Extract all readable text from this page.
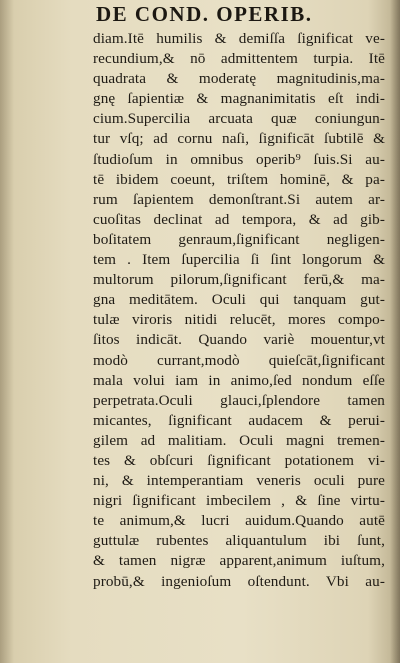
DE COND. OPERIB.
diam.Itē humilis & demiſſa ſignificat ve-
recundium,& nō admittentem turpia. Itē
quadrata & moderatę magnitudinis,ma-
gnę ſapientiæ & magnanimitatis eſt indi-
cium.Supercilia arcuata quæ coniungun-
tur vſq; ad cornu naſi, ſignificāt ſubtilē &
ſtudioſum in omnibus operib⁹ ſuis.Si au-
tē ibidem coeunt, triſtem hominē, & pa-
rum ſapientem demonſtrant.Si autem ar-
cuoſitas declinat ad tempora, & ad gib-
boſitatem genraum,ſignificant negligen-
tem . Item ſupercilia ſi ſint longorum &
multorum pilorum,ſignificant ferū,& ma-
gna meditātem. Oculi qui tanquam gut-
tulæ viroris nitidi relucēt, mores compo-
ſitos indicāt. Quando variè mouentur,vt
modò currant,modò quieſcāt,ſignificant
mala volui iam in animo,ſed nondum eſſe
perpetrata.Oculi glauci,ſplendore tamen
micantes, ſignificant audacem & perui-
gilem ad malitiam. Oculi magni tremen-
tes & obſcuri ſignificant potationem vi-
ni, & intemperantiam veneris oculi pure
nigri ſignificant imbecilem , & ſine virtu-
te animum,& lucri auidum.Quando autē
guttulæ rubentes aliquantulum ibi ſunt,
& tamen nigræ apparent,animum iuſtum,
probū,& ingenioſum oſtendunt. Vbi au-
